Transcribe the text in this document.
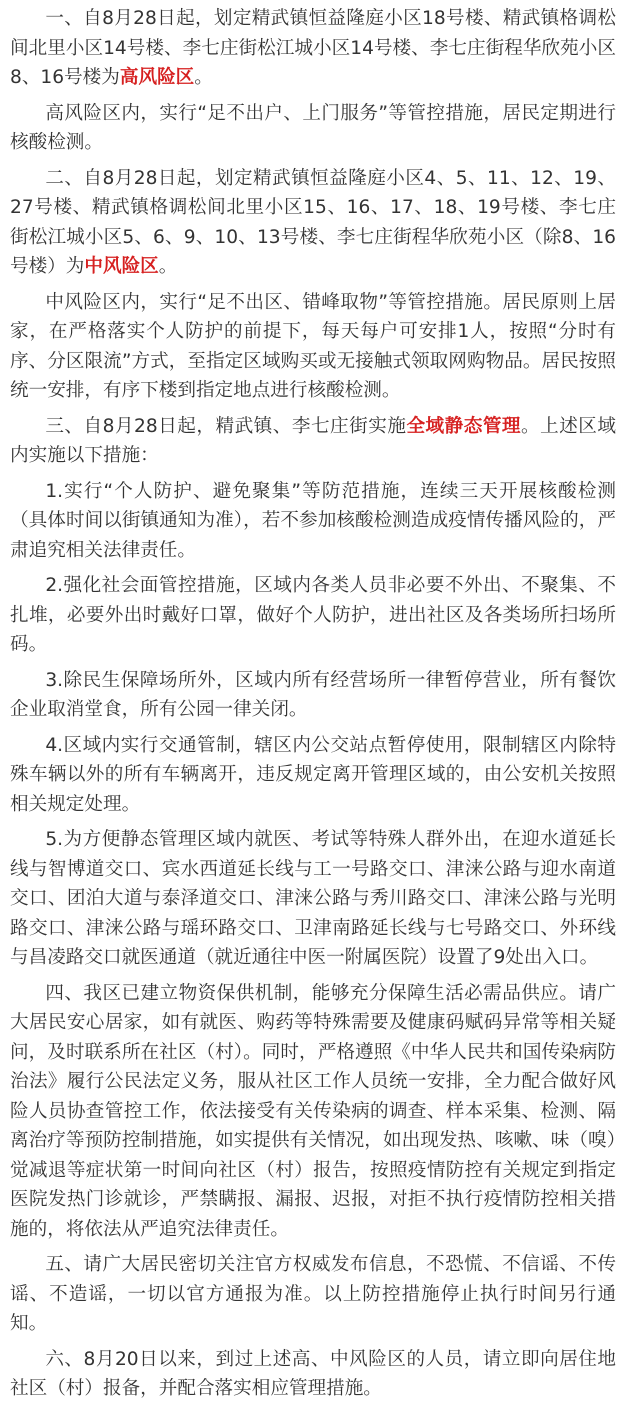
一、自8月28日起，划定精武镇恒益隆庭小区18号楼、精武镇格调松间北里小区14号楼、李七庄街松江城小区14号楼、李七庄街程华欣苑小区8、16号楼为高风险区。

高风险区内，实行“足不出户、上门服务”等管控措施，居民定期进行核酸检测。

二、自8月28日起，划定精武镇恒益隆庭小区4、5、11、12、19、27号楼、精武镇格调松间北里小区15、16、17、18、19号楼、李七庄街松江城小区5、6、9、10、13号楼、李七庄街程华欣苑小区（除8、16号楼）为中风险区。

中风险区内，实行“足不出区、错峰取物”等管控措施。居民原则上居家，在严格落实个人防护的前提下，每天每户可安排1人，按照“分时有序、分区限流”方式，至指定区域购买或无接触式领取网购物品。居民按照统一安排，有序下楼到指定地点进行核酸检测。

三、自8月28日起，精武镇、李七庄街实施全域静态管理。上述区域内实施以下措施：

1.实行“个人防护、避免聚集”等防范措施，连续三天开展核酸检测（具体时间以街镇通知为准），若不参加核酸检测造成疫情传播风险的，严肃追究相关法律责任。

2.强化社会面管控措施，区域内各类人员非必要不外出、不聚集、不扎堆，必要外出时戴好口罩，做好个人防护，进出社区及各类场所扫场所码。

3.除民生保障场所外，区域内所有经营场所一律暂停营业，所有餐饮企业取消堂食，所有公园一律关闭。

4.区域内实行交通管制，辖区内公交站点暂停使用，限制辖区内除特殊车辆以外的所有车辆离开，违反规定离开管理区域的，由公安机关按照相关规定处理。

5.为方便静态管理区域内就医、考试等特殊人群外出，在迎水道延长线与智博道交口、宾水西道延长线与工一号路交口、津涞公路与迎水南道交口、团泊大道与泰泽道交口、津涞公路与秀川路交口、津涞公路与光明路交口、津涞公路与瑶环路交口、卫津南路延长线与七号路交口、外环线与昌凌路交口就医通道（就近通往中医一附属医院）设置了9处出入口。

四、我区已建立物资保供机制，能够充分保障生活必需品供应。请广大居民安心居家，如有就医、购药等特殊需要及健康码赋码异常等相关疑问，及时联系所在社区（村）。同时，严格遵照《中华人民共和国传染病防治法》履行公民法定义务，服从社区工作人员统一安排，全力配合做好风险人员协查管控工作，依法接受有关传染病的调查、样本采集、检测、隔离治疗等预防控制措施，如实提供有关情况，如出现发热、咳嗽、味（嗅）觉减退等症状第一时间向社区（村）报告，按照疫情防控有关规定到指定医院发热门诊就诊，严禁瞒报、漏报、迟报，对拒不执行疫情防控相关措施的，将依法从严追究法律责任。

五、请广大居民密切关注官方权威发布信息，不恐慌、不信谣、不传谣、不造谣，一切以官方通报为准。以上防控措施停止执行时间另行通知。

六、8月20日以来，到过上述高、中风险区的人员，请立即向居住地社区（村）报备，并配合落实相应管理措施。
